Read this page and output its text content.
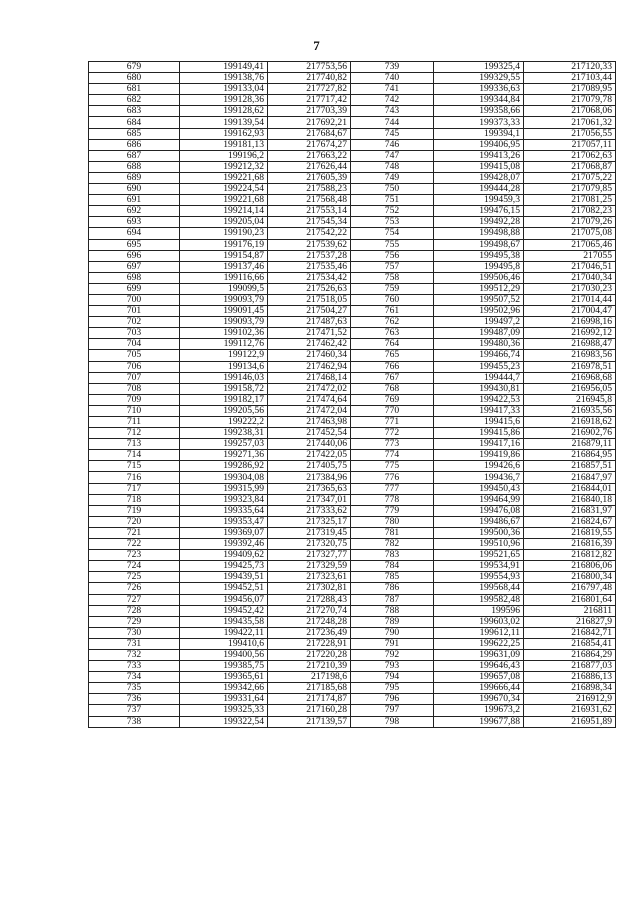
7
679	199149,41	217753,56	739	199325,4	217120,33
680	199138,76	217740,82	740	199329,55	217103,44
681	199133,04	217727,82	741	199336,63	217089,95
682	199128,36	217717,42	742	199344,84	217079,78
683	199128,62	217703,39	743	199358,66	217068,06
684	199139,54	217692,21	744	199373,33	217061,32
685	199162,93	217684,67	745	199394,1	217056,55
686	199181,13	217674,27	746	199406,95	217057,11
687	199196,2	217663,22	747	199413,26	217062,63
688	199212,32	217626,44	748	199415,08	217068,87
689	199221,68	217605,39	749	199428,07	217075,22
690	199224,54	217588,23	750	199444,28	217079,85
691	199221,68	217568,48	751	199459,3	217081,25
692	199214,14	217553,14	752	199476,15	217082,23
693	199205,04	217545,34	753	199492,28	217079,26
694	199190,23	217542,22	754	199498,88	217075,08
695	199176,19	217539,62	755	199498,67	217065,46
696	199154,87	217537,28	756	199495,38	217055
697	199137,46	217535,46	757	199495,8	217046,51
698	199116,66	217534,42	758	199506,46	217040,34
699	199099,5	217526,63	759	199512,29	217030,23
700	199093,79	217518,05	760	199507,52	217014,44
701	199091,45	217504,27	761	199502,96	217004,47
702	199093,79	217487,63	762	199497,2	216998,16
703	199102,36	217471,52	763	199487,09	216992,12
704	199112,76	217462,42	764	199480,36	216988,47
705	199122,9	217460,34	765	199466,74	216983,56
706	199134,6	217462,94	766	199455,23	216978,51
707	199146,03	217468,14	767	199444,7	216968,68
708	199158,72	217472,02	768	199430,81	216956,05
709	199182,17	217474,64	769	199422,53	216945,8
710	199205,56	217472,04	770	199417,33	216935,56
711	199222,2	217463,98	771	199415,6	216918,62
712	199238,31	217452,54	772	199415,86	216902,76
713	199257,03	217440,06	773	199417,16	216879,11
714	199271,36	217422,05	774	199419,86	216864,95
715	199286,92	217405,75	775	199426,6	216857,51
716	199304,08	217384,96	776	199436,7	216847,97
717	199315,99	217365,63	777	199450,43	216844,01
718	199323,84	217347,01	778	199464,99	216840,18
719	199335,64	217333,62	779	199476,08	216831,97
720	199353,47	217325,17	780	199486,67	216824,67
721	199369,07	217319,45	781	199500,36	216819,55
722	199392,46	217320,75	782	199510,96	216816,39
723	199409,62	217327,77	783	199521,65	216812,82
724	199425,73	217329,59	784	199534,91	216806,06
725	199439,51	217323,61	785	199554,93	216800,34
726	199452,51	217302,81	786	199568,44	216797,48
727	199456,07	217288,43	787	199582,48	216801,64
728	199452,42	217270,74	788	199596	216811
729	199435,58	217248,28	789	199603,02	216827,9
730	199422,11	217236,49	790	199612,11	216842,71
731	199410,6	217228,91	791	199622,25	216854,41
732	199400,56	217220,28	792	199631,09	216864,29
733	199385,75	217210,39	793	199646,43	216877,03
734	199365,61	217198,6	794	199657,08	216886,13
735	199342,66	217185,68	795	199666,44	216898,34
736	199331,64	217174,87	796	199670,34	216912,9
737	199325,33	217160,28	797	199673,2	216931,62
738	199322,54	217139,57	798	199677,88	216951,89
